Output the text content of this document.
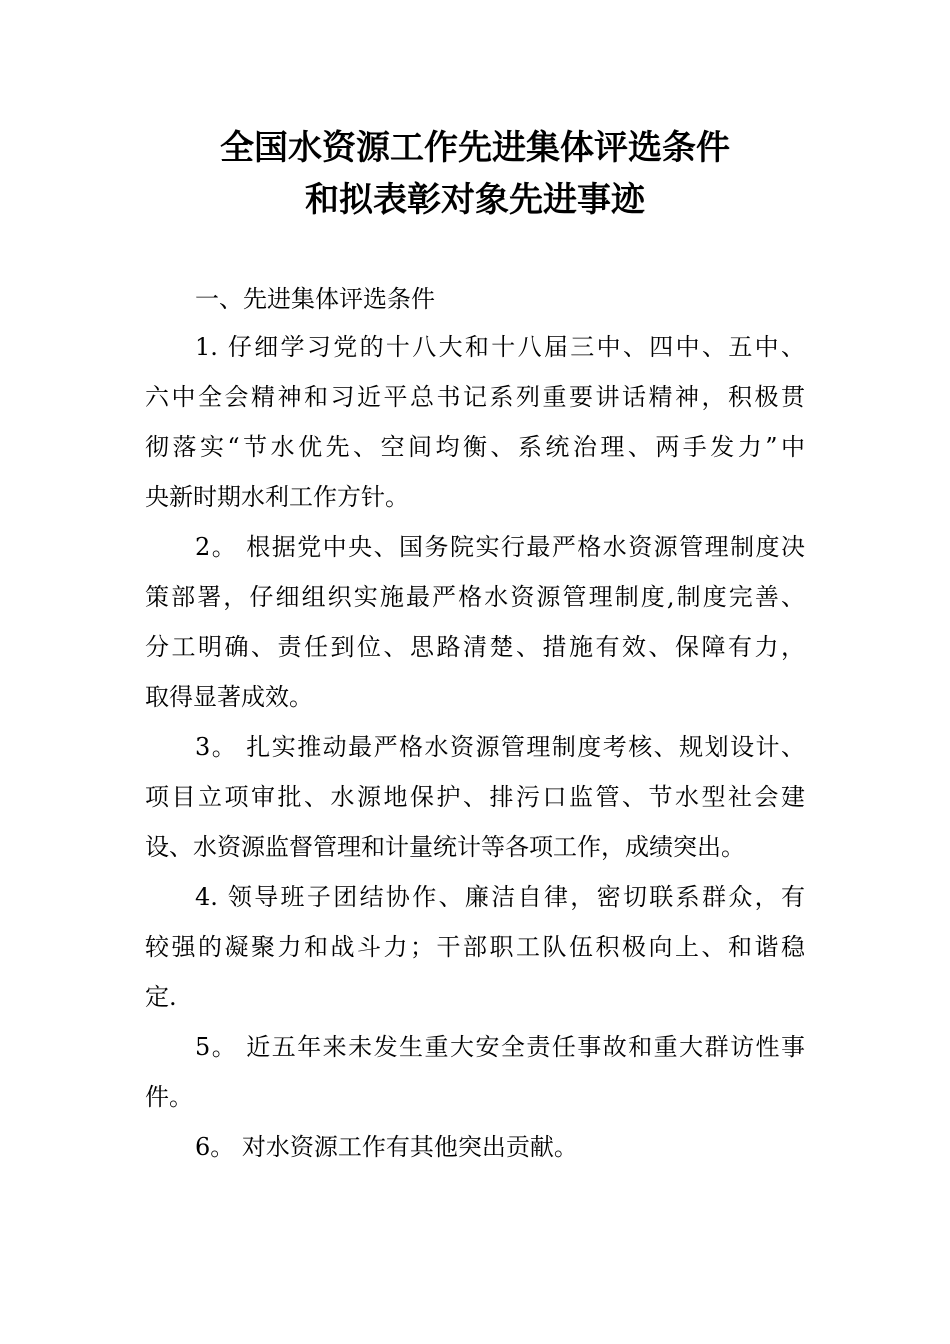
全国水资源工作先进集体评选条件
和拟表彰对象先进事迹
一、先进集体评选条件
1. 仔细学习党的十八大和十八届三中、四中、五中、
六中全会精神和习近平总书记系列重要讲话精神，积极贯
彻落实“节水优先、空间均衡、系统治理、两手发力”中
央新时期水利工作方针。
2。 根据党中央、国务院实行最严格水资源管理制度决
策部署，仔细组织实施最严格水资源管理制度,制度完善、
分工明确、责任到位、思路清楚、措施有效、保障有力，
取得显著成效。
3。 扎实推动最严格水资源管理制度考核、规划设计、
项目立项审批、水源地保护、排污口监管、节水型社会建
设、水资源监督管理和计量统计等各项工作，成绩突出。
4. 领导班子团结协作、廉洁自律，密切联系群众，有
较强的凝聚力和战斗力；干部职工队伍积极向上、和谐稳
定.
5。 近五年来未发生重大安全责任事故和重大群访性事
件。
6。 对水资源工作有其他突出贡献。
